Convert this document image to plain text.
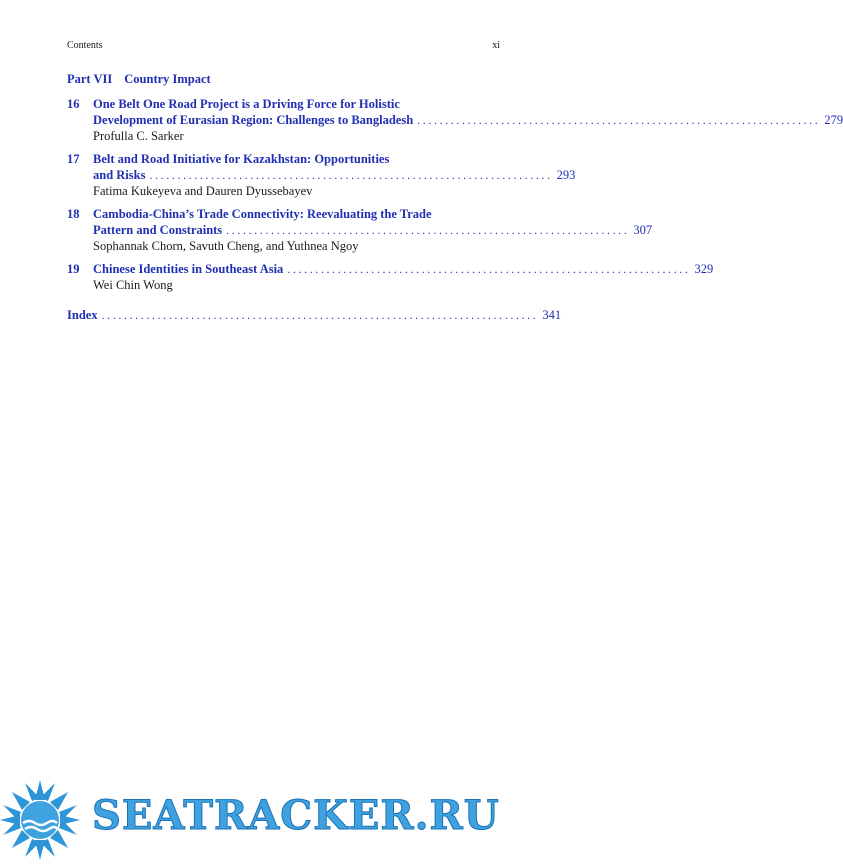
Contents	xi
Part VII Country Impact
16	One Belt One Road Project is a Driving Force for Holistic
Development of Eurasian Region: Challenges to Bangladesh ........................................................................ 279
Profulla C. Sarker
17	Belt and Road Initiative for Kazakhstan: Opportunities
and Risks ........................................................................ 293
Fatima Kukeyeva and Dauren Dyussebayev
18	Cambodia-China’s Trade Connectivity: Reevaluating the Trade
Pattern and Constraints ........................................................................ 307
Sophannak Chorn, Savuth Cheng, and Yuthnea Ngoy
19	Chinese Identities in Southeast Asia ........................................................................ 329
Wei Chin Wong
Index .............................................................................. 341
SEATRACKER.RU
